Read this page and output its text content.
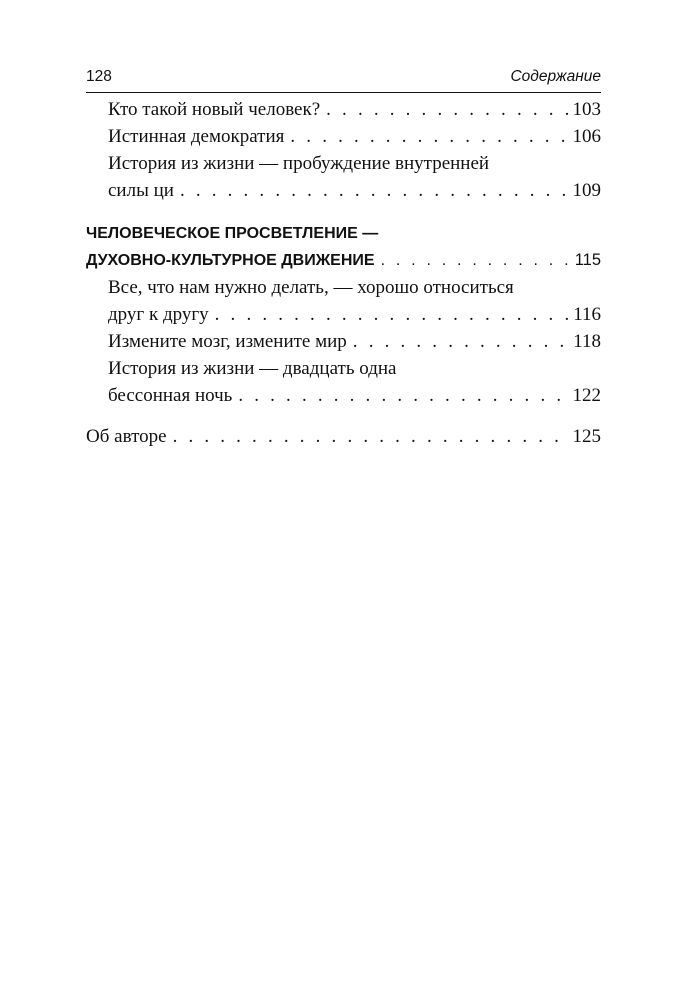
128	Содержание
Кто такой новый человек? . . .	103
Истинная демократия . . .	106
История из жизни — пробуждение внутренней
силы ци . . .	109
ЧЕЛОВЕЧЕСКОЕ ПРОСВЕТЛЕНИЕ —
ДУХОВНО-КУЛЬТУРНОЕ ДВИЖЕНИЕ . . .	115
Все, что нам нужно делать, — хорошо относиться
друг к другу . . .	116
Измените мозг, измените мир . . .	118
История из жизни — двадцать одна
бессонная ночь . . .	122
Об авторе . . .	125
